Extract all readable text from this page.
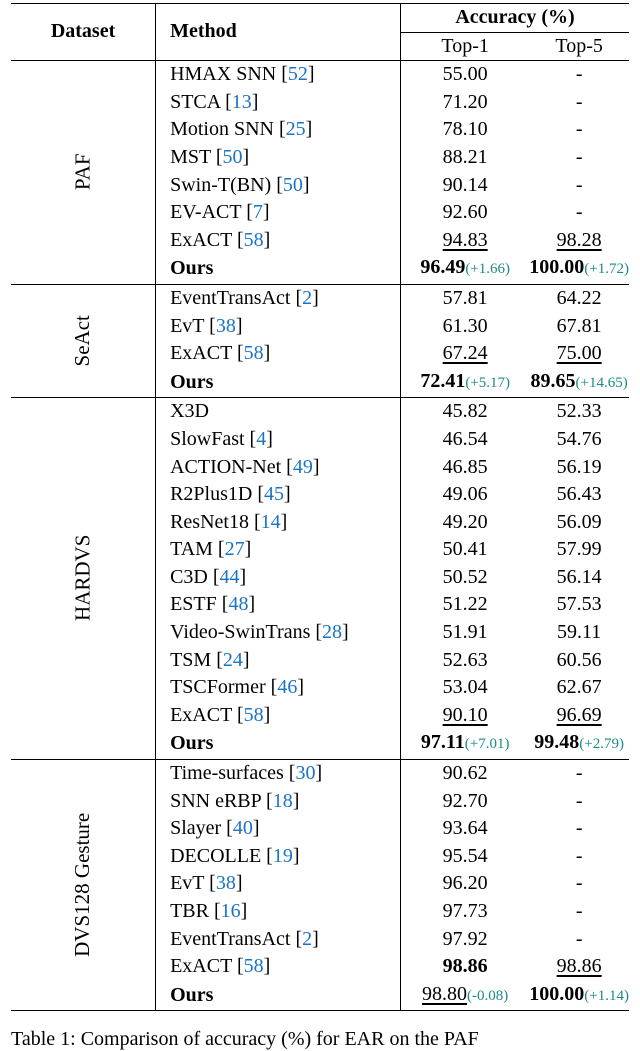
Dataset	Method	Accuracy (%)	
		Top-1	Top-5
PAF	HMAX SNN [52]	55.00	-
	STCA [13]	71.20	-
	Motion SNN [25]	78.10	-
	MST [50]	88.21	-
	Swin-T(BN) [50]	90.14	-
	EV-ACT [7]	92.60	-
	ExACT [58]	94.83	98.28
	Ours	96.49(+1.66)	100.00(+1.72)
SeAct	EventTransAct [2]	57.81	64.22
	EvT [38]	61.30	67.81
	ExACT [58]	67.24	75.00
	Ours	72.41(+5.17)	89.65(+14.65)
HARDVS	X3D	45.82	52.33
	SlowFast [4]	46.54	54.76
	ACTION-Net [49]	46.85	56.19
	R2Plus1D [45]	49.06	56.43
	ResNet18 [14]	49.20	56.09
	TAM [27]	50.41	57.99
	C3D [44]	50.52	56.14
	ESTF [48]	51.22	57.53
	Video-SwinTrans [28]	51.91	59.11
	TSM [24]	52.63	60.56
	TSCFormer [46]	53.04	62.67
	ExACT [58]	90.10	96.69
	Ours	97.11(+7.01)	99.48(+2.79)
DVS128 Gesture	Time-surfaces [30]	90.62	-
	SNN eRBP [18]	92.70	-
	Slayer [40]	93.64	-
	DECOLLE [19]	95.54	-
	EvT [38]	96.20	-
	TBR [16]	97.73	-
	EventTransAct [2]	97.92	-
	ExACT [58]	98.86	98.86
	Ours	98.80(-0.08)	100.00(+1.14)
Table 1: Comparison of accuracy (%) for EAR on the PAF
